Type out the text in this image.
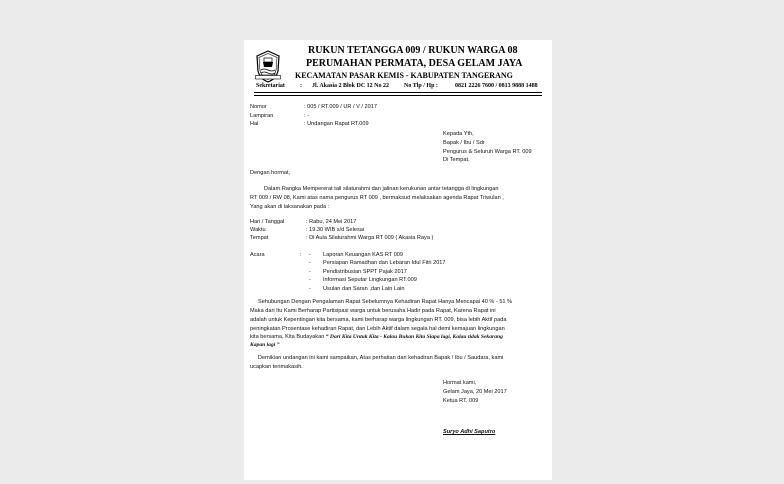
RUKUN TETANGGA 009 / RUKUN WARGA 08
PERUMAHAN PERMATA, DESA GELAM JAYA
KECAMATAN PASAR KEMIS - KABUPATEN TANGERANG
Sekretariat	: Jl. Akasia 2 Blok DC 12 No 22 No Tlp / Hp :	0821 2226 7600 / 0813 9888 1488
Nomor	: 005 / RT.009 / UR / V / 2017
Lampiran	: -
Hal	: Undangan Rapat RT.009
Kepada Yth,
Bapak / Ibu / Sdr
Pengurus & Seluruh Warga RT. 009
Di Tempat.
Dengan hormat,
Dalam Rangka Mempererat tali silaturahmi dan jalinan kerukunan antar tetangga di lingkungan
RT 009 / RW 08, Kami atas nama pengurus RT 009 , bermaksud melaksakan agenda Rapat Triwulan ,
Yang akan di laksanakan pada :
Hari / Tanggal	: Rabu, 24 Mei 2017
Waktu	: 19.30 WIB s/d Selesai
Tempat	: Di Aula Silaturahmi Warga RT 009 ( Akasia Raya )
Acara	: - Laporan Keuangan KAS RT 009
- Persiapan Ramadhan dan Lebaran Idul Fitri 2017
- Pendistribusian SPPT Pajak 2017
- Informasi Seputar Lingkungan RT.009
- Usulan dan Saran ,dan Lain Lain
Sehubungan Dengan Pengalaman Rapat Sebelumnya Kehadiran Rapat Hanya Mencapai 40 % - 51 %
Maka dari Itu Kami Berharap Partisipasi warga untuk berusaha Hadir pada Rapat, Karena Rapat ini
adalah untuk Kepentingan kita bersama, kami berharap warga lingkungan RT. 009, bisa lebih Aktif pada
peningkatan Prosentase kehadiran Rapat, dan Lebih Aktif dalam segala hal demi kemajuan lingkungan
kita bersama, Kita Budayakan “ Dari Kita Untuk Kita - Kalau Bukan Kita Siapa lagi, Kalau tidak Sekarang
Kapan lagi ”
Demikian undangan ini kami sampaikan, Atas perhatian dan kehadiran Bapak / Ibu / Saudara, kami
ucapkan terimakasih.
Hormat kami,
Gelam Jaya, 20 Mei 2017
Ketua RT. 009
Suryo Adhi Saputro
